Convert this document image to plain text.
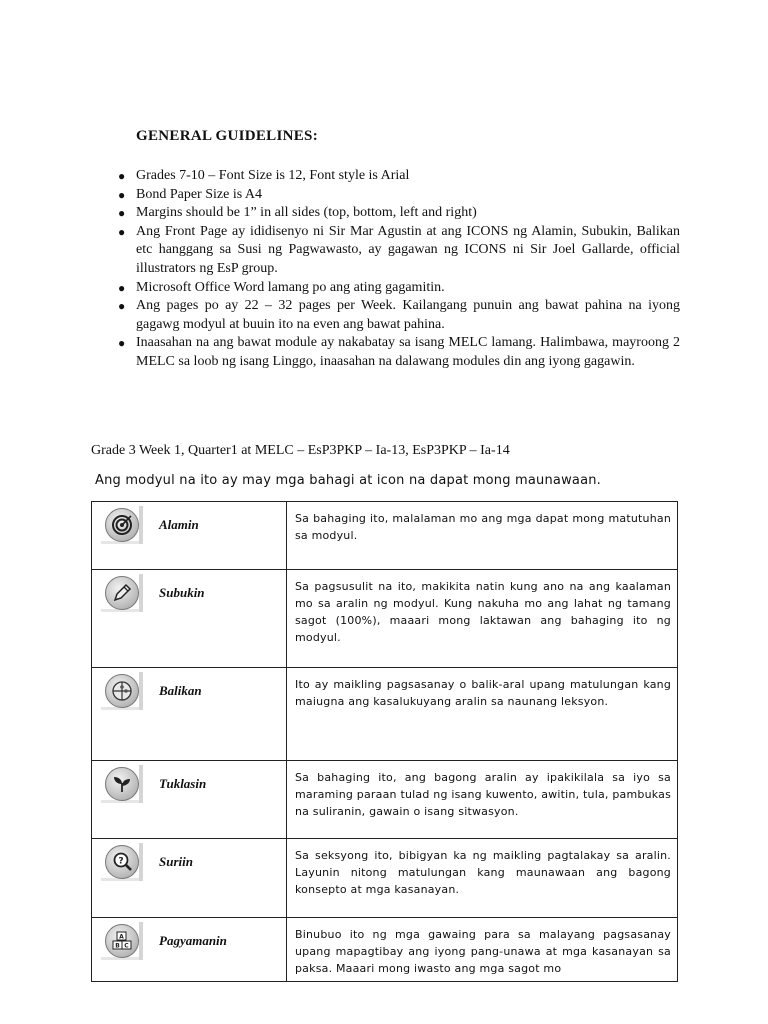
GENERAL GUIDELINES:
● Grades 7-10 – Font Size is 12, Font style is Arial
● Bond Paper Size is A4
● Margins should be 1” in all sides (top, bottom, left and right)
● Ang Front Page ay ididisenyo ni Sir Mar Agustin at ang ICONS ng Alamin, Subukin, Balikan etc hanggang sa Susi ng Pagwawasto, ay gagawan ng ICONS ni Sir Joel Gallarde, official illustrators ng EsP group.
● Microsoft Office Word lamang po ang ating gagamitin.
● Ang pages po ay 22 – 32 pages per Week. Kailangang punuin ang bawat pahina na iyong gagawg modyul at buuin ito na even ang bawat pahina.
● Inaasahan na ang bawat module ay nakabatay sa isang MELC lamang. Halimbawa, mayroong 2 MELC sa loob ng isang Linggo, inaasahan na dalawang modules din ang iyong gagawin.
Grade 3 Week 1, Quarter1 at MELC – EsP3PKP – Ia-13, EsP3PKP – Ia-14
Ang modyul na ito ay may mga bahagi at icon na dapat mong maunawaan.
Alamin	Sa bahaging ito, malalaman mo ang mga dapat mong matutuhan sa modyul.

Subukin	Sa pagsusulit na ito, makikita natin kung ano na ang kaalaman mo sa aralin ng modyul. Kung nakuha mo ang lahat ng tamang sagot (100%), maaari mong laktawan ang bahaging ito ng modyul.

Balikan	Ito ay maikling pagsasanay o balik-aral upang matulungan kang maiugna ang kasalukuyang aralin sa naunang leksyon.

Tuklasin	Sa bahaging ito, ang bagong aralin ay ipakikilala sa iyo sa maraming paraan tulad ng isang kuwento, awitin, tula, pambukas na suliranin, gawain o isang sitwasyon.

? Suriin	Sa seksyong ito, bibigyan ka ng maikling pagtalakay sa aralin. Layunin nitong matulungan kang maunawaan ang bagong konsepto at mga kasanayan.

A
B C Pagyamanin	Binubuo ito ng mga gawaing para sa malayang pagsasanay upang mapagtibay ang iyong pang-unawa at mga kasanayan sa paksa. Maaari mong iwasto ang mga sagot mo
